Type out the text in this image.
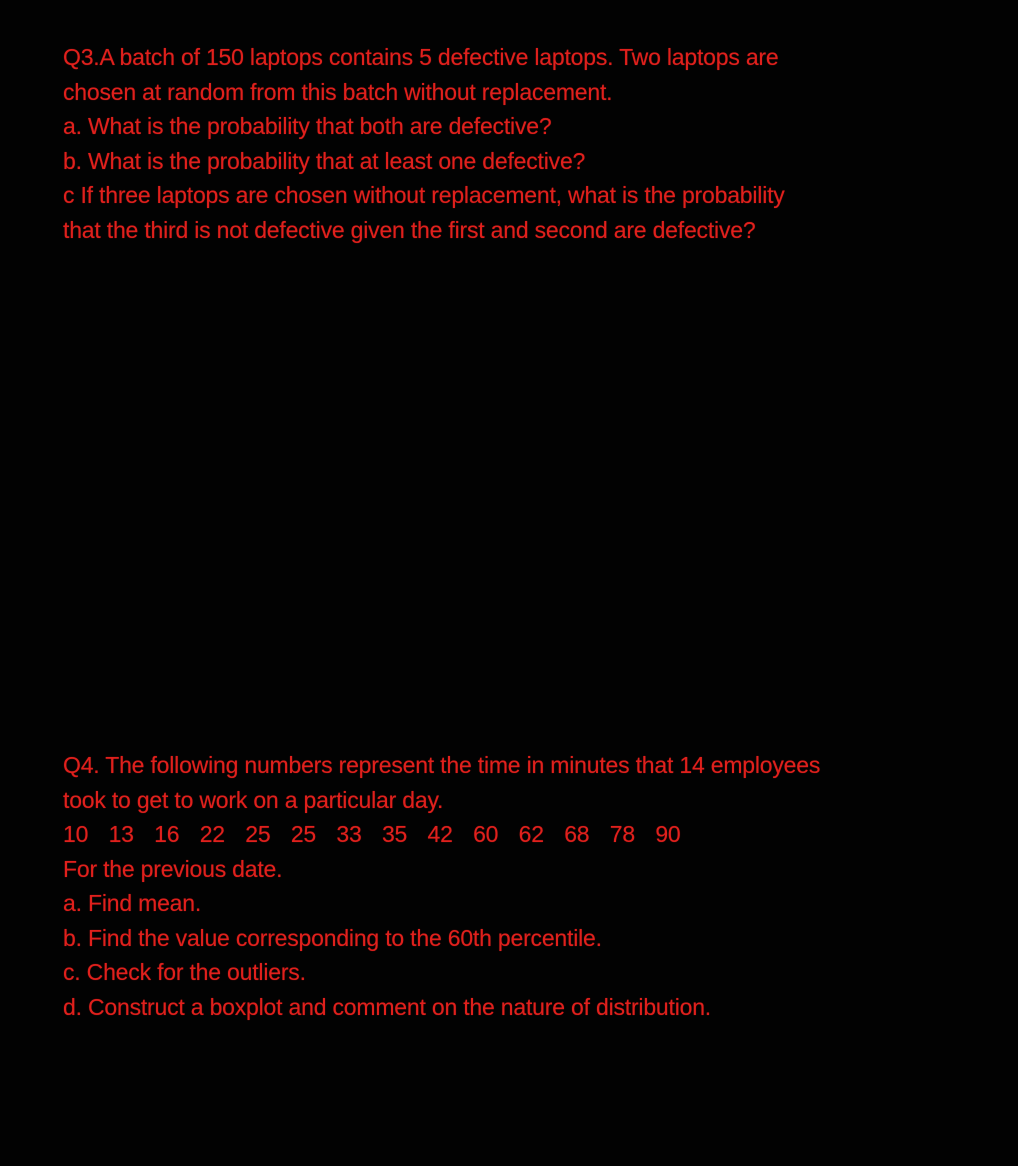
Q3.A batch of 150 laptops contains 5 defective laptops. Two laptops are
chosen at random from this batch without replacement.
a. What is the probability that both are defective?
b. What is the probability that at least one defective?
c If three laptops are chosen without replacement, what is the probability
that the third is not defective given the first and second are defective?
Q4. The following numbers represent the time in minutes that 14 employees
took to get to work on a particular day.
10  13  16  22  25  25  33  35  42  60  62  68  78  90
For the previous date.
a. Find mean.
b. Find the value corresponding to the 60th percentile.
c. Check for the outliers.
d. Construct a boxplot and comment on the nature of distribution.
